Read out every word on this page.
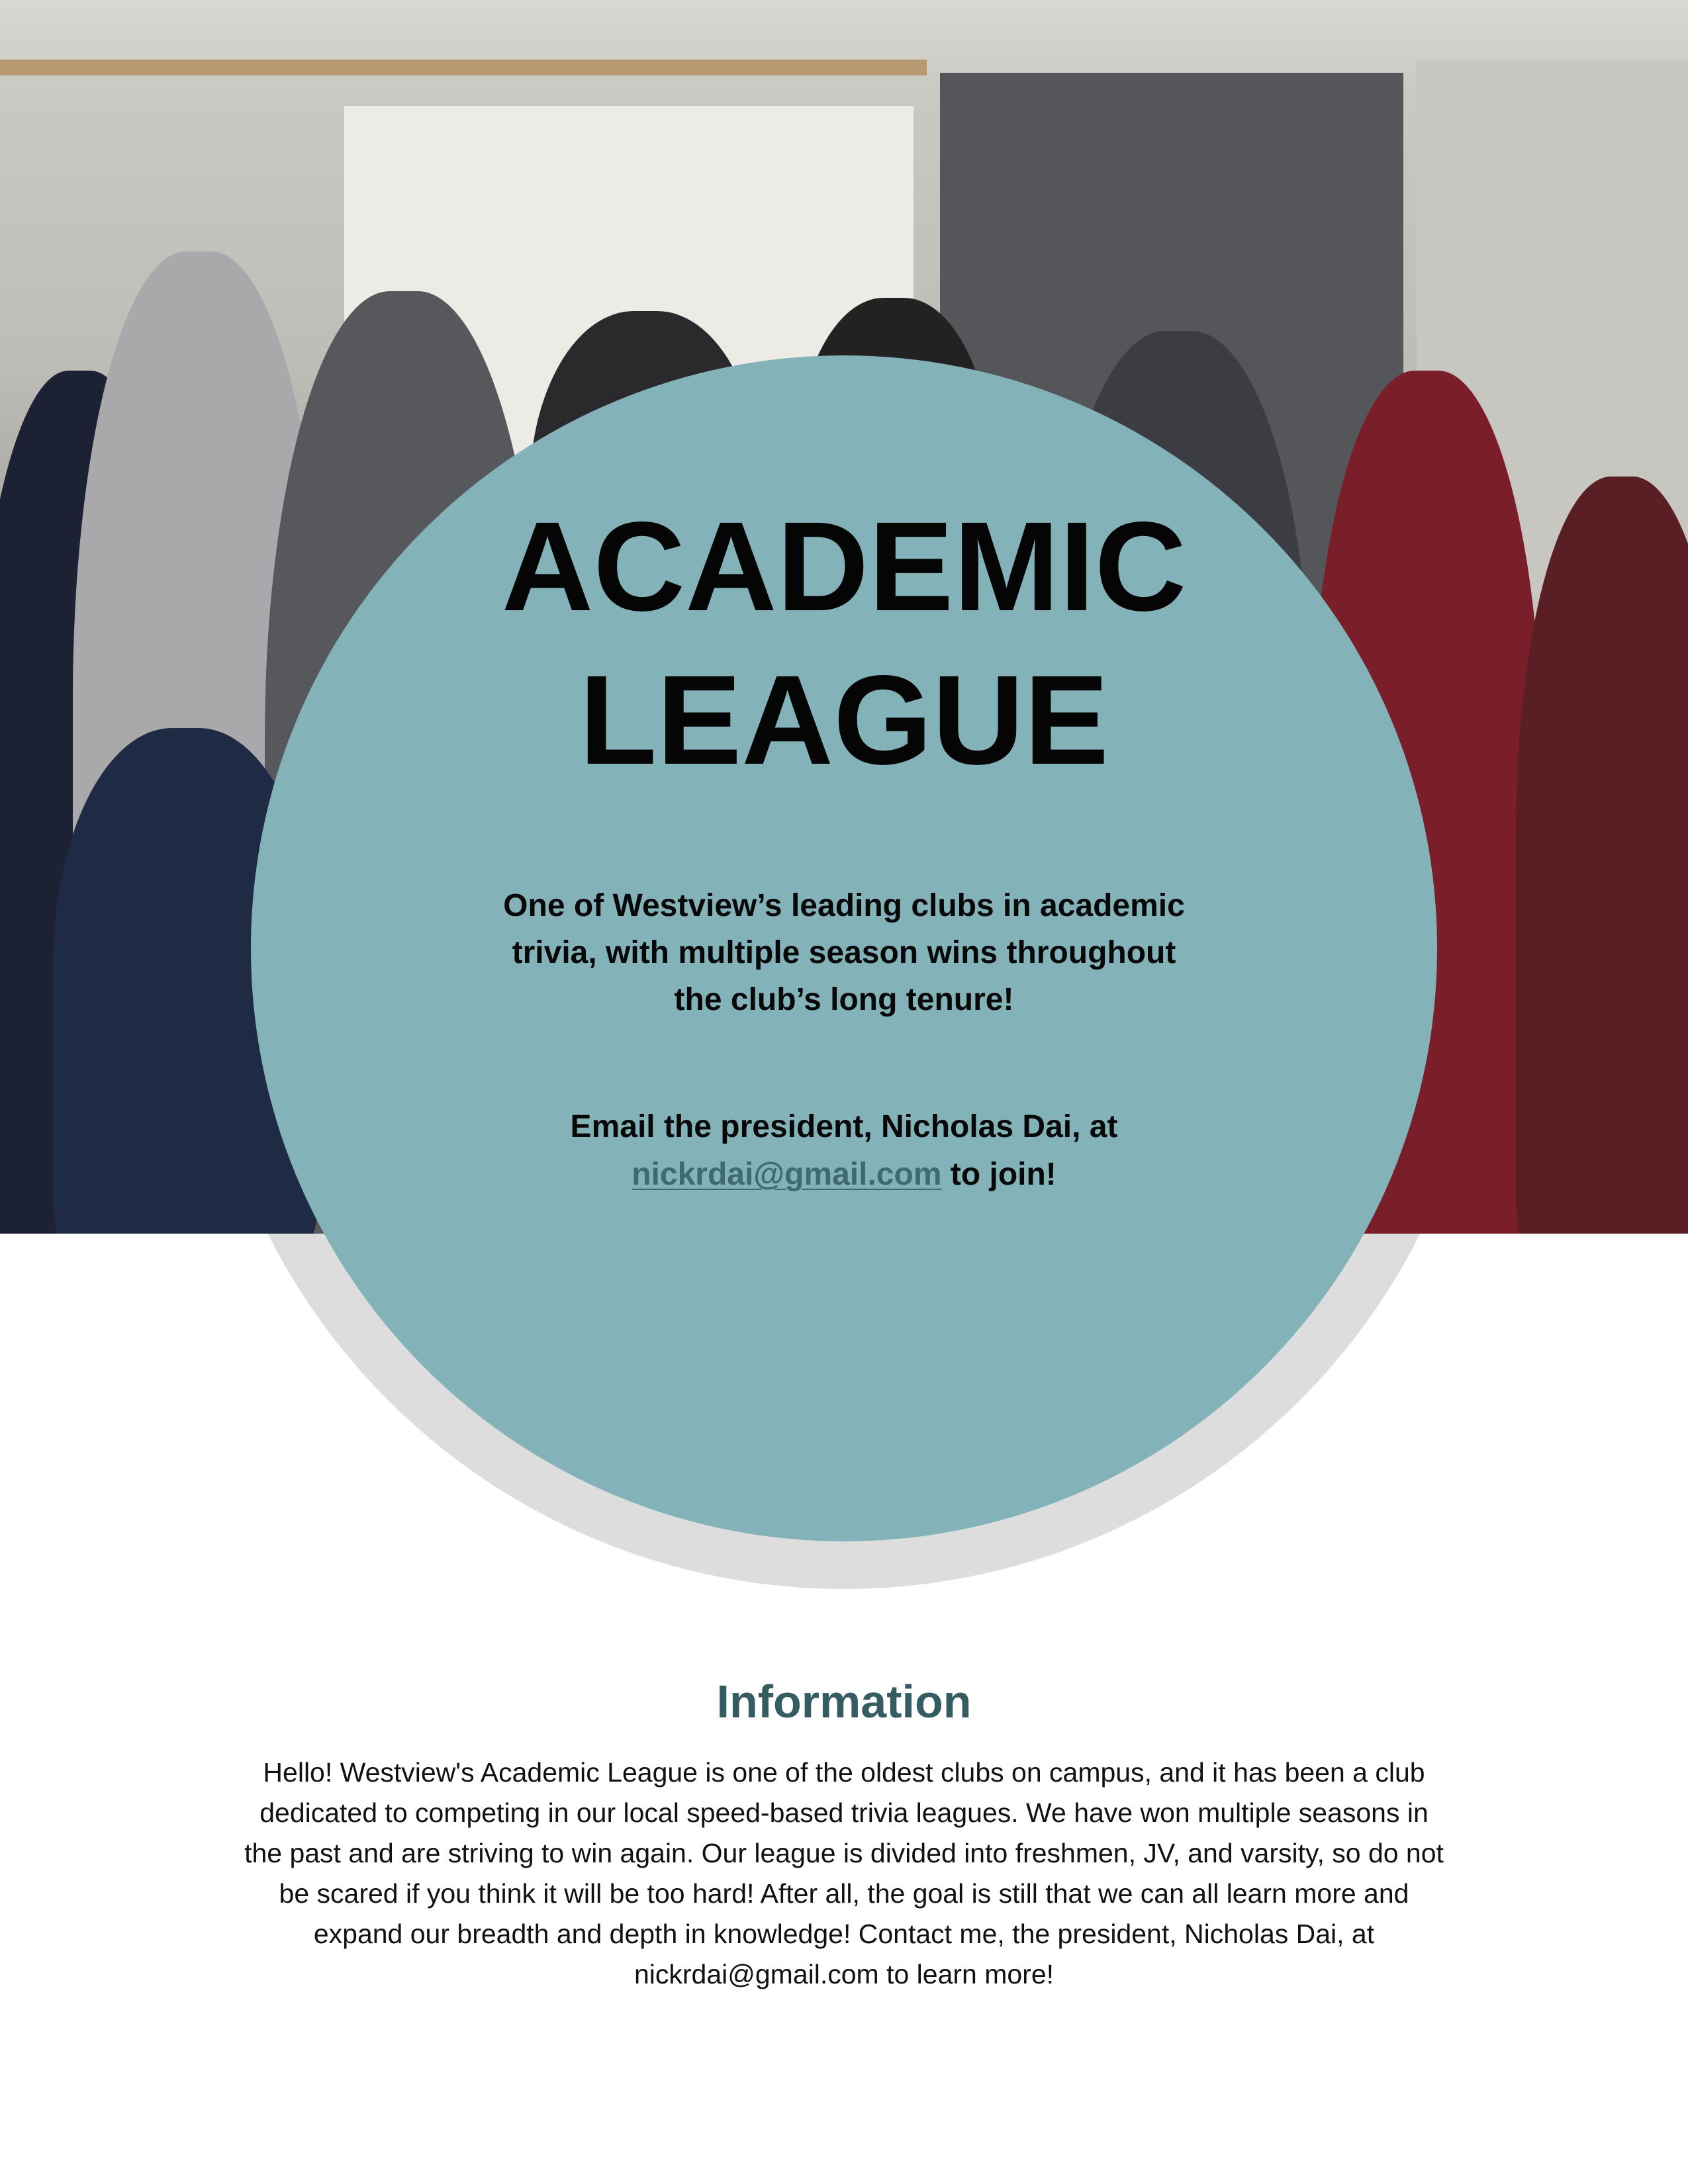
ACADEMIC
LEAGUE
One of Westview’s leading clubs in academic
trivia, with multiple season wins throughout
the club’s long tenure!
Email the president, Nicholas Dai, at
nickrdai@gmail.com to join!
Information
Hello! Westview's Academic League is one of the oldest clubs on campus, and it has been a club
dedicated to competing in our local speed-based trivia leagues. We have won multiple seasons in
the past and are striving to win again. Our league is divided into freshmen, JV, and varsity, so do not
be scared if you think it will be too hard! After all, the goal is still that we can all learn more and
expand our breadth and depth in knowledge! Contact me, the president, Nicholas Dai, at
nickrdai@gmail.com to learn more!
